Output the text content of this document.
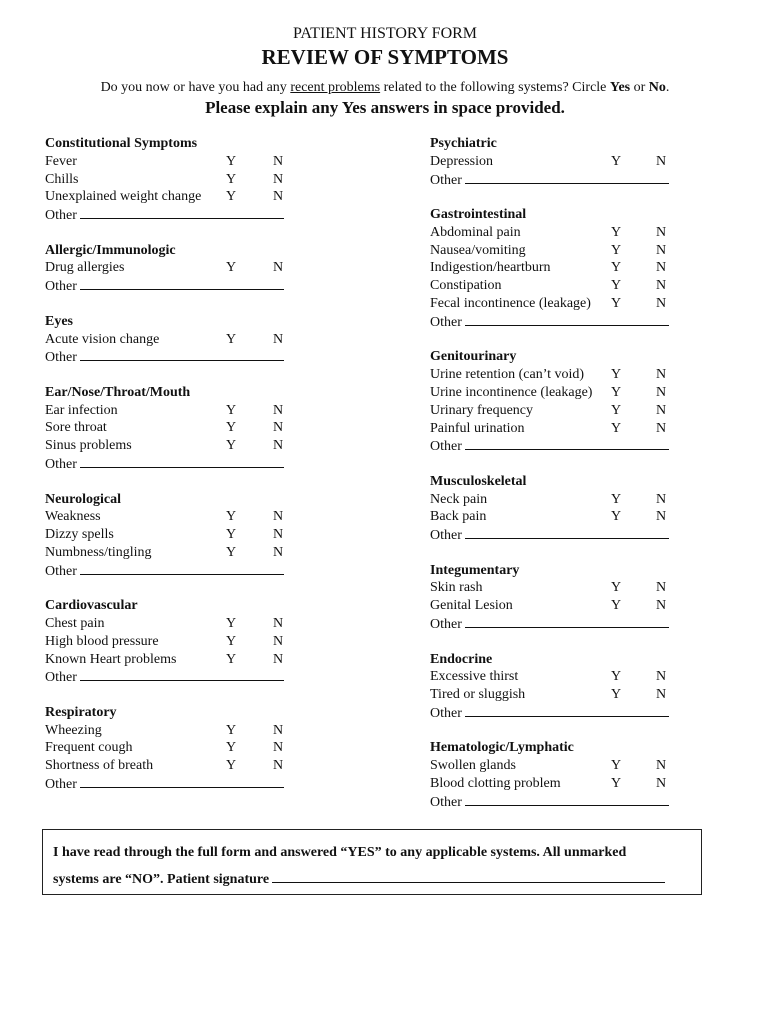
PATIENT HISTORY FORM
REVIEW OF SYMPTOMS
Do you now or have you had any recent problems related to the following systems? Circle Yes or No.
Please explain any Yes answers in space provided.
Constitutional Symptoms
Fever	Y	N
Chills	Y	N
Unexplained weight change Y	N
Other
Allergic/Immunologic
Drug allergies	Y	N
Other
Eyes
Acute vision change	Y	N
Other
Ear/Nose/Throat/Mouth
Ear infection	Y	N
Sore throat	Y	N
Sinus problems	Y	N
Other
Neurological
Weakness	Y	N
Dizzy spells	Y	N
Numbness/tingling	Y	N
Other
Cardiovascular
Chest pain	Y	N
High blood pressure	Y	N
Known Heart problems	Y	N
Other
Respiratory
Wheezing	Y	N
Frequent cough	Y	N
Shortness of breath	Y	N
Other
Psychiatric
Depression	Y N
Other
Gastrointestinal
Abdominal pain	Y N
Nausea/vomiting	Y N
Indigestion/heartburn	Y N
Constipation	Y N
Fecal incontinence (leakage) Y N
Other
Genitourinary
Urine retention (can’t void) Y N
Urine incontinence (leakage) Y N
Urinary frequency	Y N
Painful urination	Y N
Other
Musculoskeletal
Neck pain	Y N
Back pain	Y N
Other
Integumentary
Skin rash	Y N
Genital Lesion	Y N
Other
Endocrine
Excessive thirst	Y N
Tired or sluggish	Y N
Other
Hematologic/Lymphatic
Swollen glands	Y N
Blood clotting problem	Y N
Other
I have read through the full form and answered “YES” to any applicable systems. All unmarked
systems are “NO”. Patient signature
